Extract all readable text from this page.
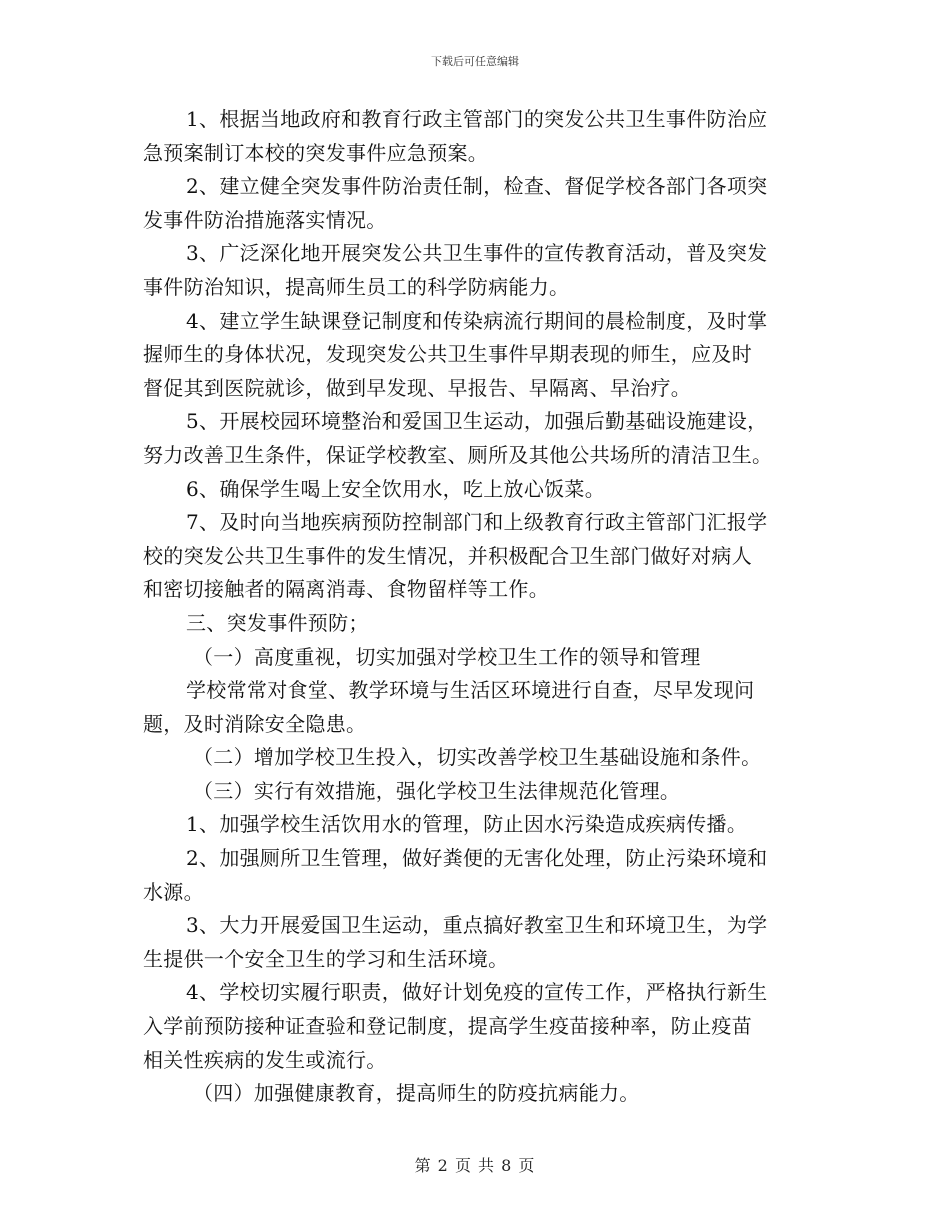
下载后可任意编辑
1、根据当地政府和教育行政主管部门的突发公共卫生事件防治应
急预案制订本校的突发事件应急预案。
2、建立健全突发事件防治责任制，检查、督促学校各部门各项突
发事件防治措施落实情况。
3、广泛深化地开展突发公共卫生事件的宣传教育活动，普及突发
事件防治知识，提高师生员工的科学防病能力。
4、建立学生缺课登记制度和传染病流行期间的晨检制度，及时掌
握师生的身体状况，发现突发公共卫生事件早期表现的师生，应及时
督促其到医院就诊，做到早发现、早报告、早隔离、早治疗。
5、开展校园环境整治和爱国卫生运动，加强后勤基础设施建设，
努力改善卫生条件，保证学校教室、厕所及其他公共场所的清洁卫生。
6、确保学生喝上安全饮用水，吃上放心饭菜。
7、及时向当地疾病预防控制部门和上级教育行政主管部门汇报学
校的突发公共卫生事件的发生情况，并积极配合卫生部门做好对病人
和密切接触者的隔离消毒、食物留样等工作。
三、突发事件预防；
（一）高度重视，切实加强对学校卫生工作的领导和管理
学校常常对食堂、教学环境与生活区环境进行自查，尽早发现问
题，及时消除安全隐患。
（二）增加学校卫生投入，切实改善学校卫生基础设施和条件。
（三）实行有效措施，强化学校卫生法律规范化管理。
1、加强学校生活饮用水的管理，防止因水污染造成疾病传播。
2、加强厕所卫生管理，做好粪便的无害化处理，防止污染环境和
水源。
3、大力开展爱国卫生运动，重点搞好教室卫生和环境卫生，为学
生提供一个安全卫生的学习和生活环境。
4、学校切实履行职责，做好计划免疫的宣传工作，严格执行新生
入学前预防接种证查验和登记制度，提高学生疫苗接种率，防止疫苗
相关性疾病的发生或流行。
（四）加强健康教育，提高师生的防疫抗病能力。
第 2 页 共 8 页
